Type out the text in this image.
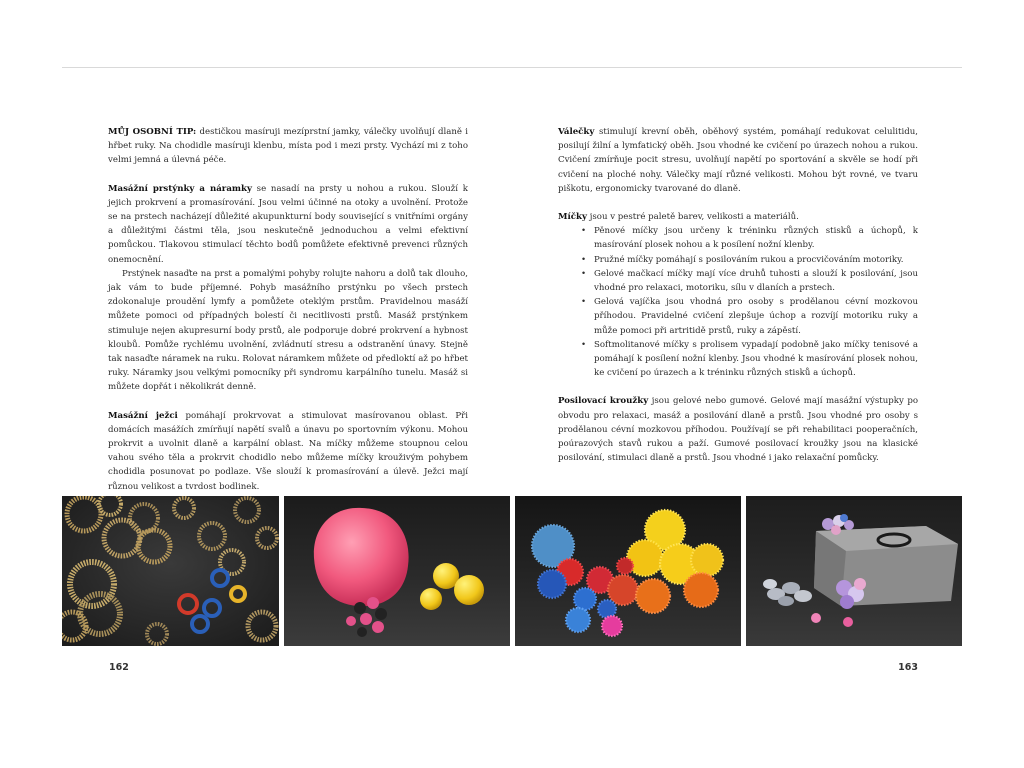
MŮJ OSOBNÍ TIP: destičkou masíruji mezíprstní jamky, válečky uvolňují dlaně i hřbet ruky. Na chodidle masíruji klenbu, místa pod i mezi prsty. Vychází mi z toho velmi jemná a úlevná péče.

Masážní prstýnky a náramky se nasadí na prsty u nohou a rukou. Slouží k jejich prokrvení a promasírování. Jsou velmi účinné na otoky a uvolnění. Protože se na prstech nacházejí důležité akupunkturní body související s vnitřními orgány a důležitými částmi těla, jsou neskutečně jednoduchou a velmi efektivní pomůckou. Tlakovou stimulací těchto bodů pomůžete efektivně prevenci různých onemocnění.

Prstýnek nasaďte na prst a pomalými pohyby rolujte nahoru a dolů tak dlouho, jak vám to bude příjemné. Pohyb masážního prstýnku po všech prstech zdokonaluje proudění lymfy a pomůžete oteklým prstům. Pravidelnou masáží můžete pomoci od případných bolestí či necitlivosti prstů. Masáž prstýnkem stimuluje nejen akupresurní body prstů, ale podporuje dobré prokrvení a hybnost kloubů. Pomůže rychlému uvolnění, zvládnutí stresu a odstranění únavy. Stejně tak nasaďte náramek na ruku. Rolovat náramkem můžete od předloktí až po hřbet ruky. Náramky jsou velkými pomocníky při syndromu karpálního tunelu. Masáž si můžete dopřát i několikrát denně.

Masážní ježci pomáhají prokrvovat a stimulovat masírovanou oblast. Při domácích masážích zmírňují napětí svalů a únavu po sportovním výkonu. Mohou prokrvit a uvolnit dlaně a karpální oblast. Na míčky můžeme stoupnou celou vahou svého těla a prokrvit chodidlo nebo můžeme míčky krouživým pohybem chodidla posunovat po podlaze. Vše slouží k promasírování a úlevě. Ježci mají různou velikost a tvrdost bodlinek.

Válečky stimulují krevní oběh, oběhový systém, pomáhají redukovat celulitidu, posilují žilní a lymfatický oběh. Jsou vhodné ke cvičení po úrazech nohou a rukou. Cvičení zmírňuje pocit stresu, uvolňují napětí po sportování a skvěle se hodí při cvičení na ploché nohy. Válečky mají různé velikosti. Mohou být rovné, ve tvaru piškotu, ergonomicky tvarované do dlaně.

Míčky jsou v pestré paletě barev, velikosti a materiálů.

• Pěnové míčky jsou určeny k tréninku různých stisků a úchopů, k masírování plosek nohou a k posílení nožní klenby.
• Pružné míčky pomáhají s posilováním rukou a procvičováním motoriky.
• Gelové mačkací míčky mají více druhů tuhosti a slouží k posilování, jsou vhodné pro relaxaci, motoriku, sílu v dlaních a prstech.
• Gelová vajíčka jsou vhodná pro osoby s prodělanou cévní mozkovou příhodou. Pravidelné cvičení zlepšuje úchop a rozvíjí motoriku ruky a může pomoci při artritidě prstů, ruky a zápěstí.
• Softmolitanové míčky s prolisem vypadají podobně jako míčky tenisové a pomáhají k posílení nožní klenby. Jsou vhodné k masírování plosek nohou, ke cvičení po úrazech a k tréninku různých stisků a úchopů.

Posilovací kroužky jsou gelové nebo gumové. Gelové mají masážní výstupky po obvodu pro relaxaci, masáž a posilování dlaně a prstů. Jsou vhodné pro osoby s prodělanou cévní mozkovou příhodou. Používají se při rehabilitaci pooperačních, poúrazových stavů rukou a paží. Gumové posilovací kroužky jsou na klasické posilování, stimulaci dlaně a prstů. Jsou vhodné i jako relaxační pomůcky.

162	163
